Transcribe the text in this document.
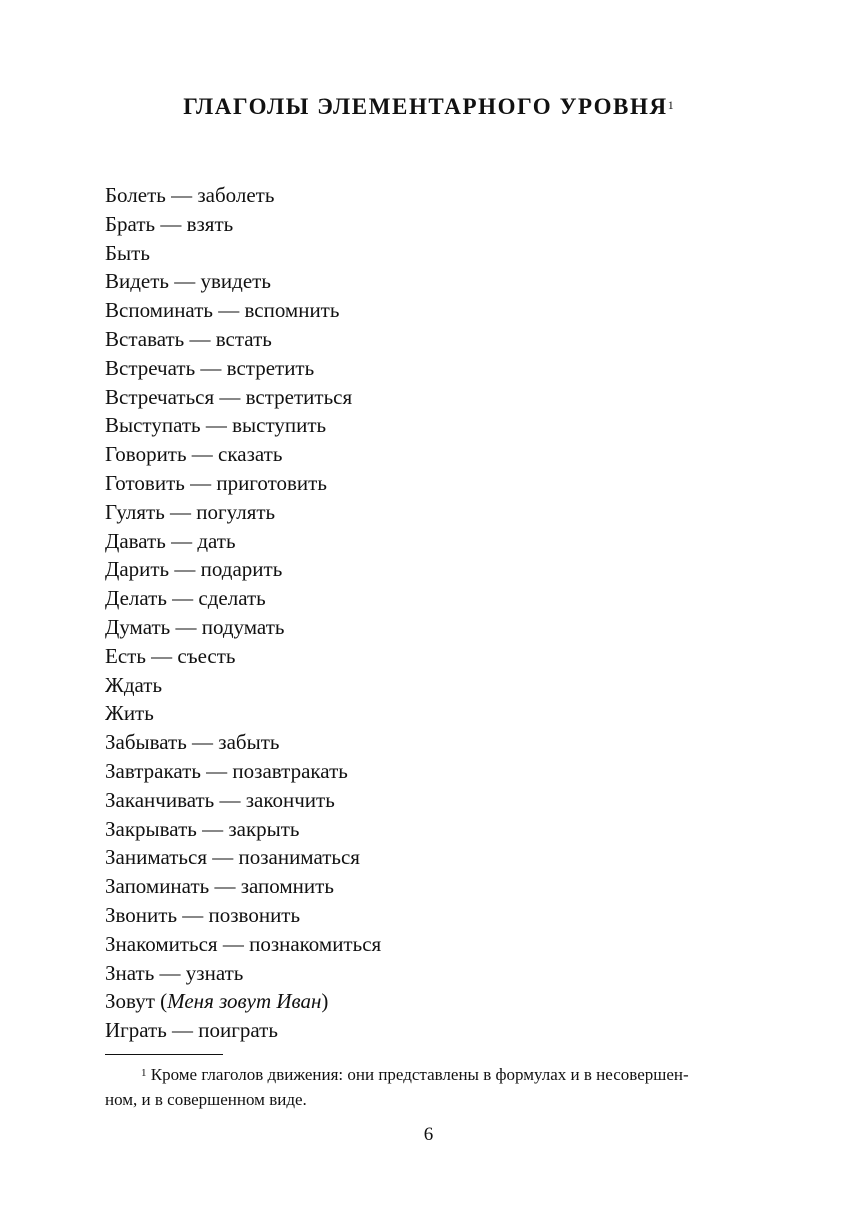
ГЛАГОЛЫ ЭЛЕМЕНТАРНОГО УРОВНЯ$^1$
Болеть — заболеть
Брать — взять
Быть
Видеть — увидеть
Вспоминать — вспомнить
Вставать — встать
Встречать — встретить
Встречаться — встретиться
Выступать — выступить
Говорить — сказать
Готовить — приготовить
Гулять — погулять
Давать — дать
Дарить — подарить
Делать — сделать
Думать — подумать
Есть — съесть
Ждать
Жить
Забывать — забыть
Завтракать — позавтракать
Заканчивать — закончить
Закрывать — закрыть
Заниматься — позаниматься
Запоминать — запомнить
Звонить — позвонить
Знакомиться — познакомиться
Знать — узнать
Зовут (Меня зовут Иван)
Играть — поиграть
$^1$ Кроме глаголов движения: они представлены в формулах и в несовершен-
ном, и в совершенном виде.
6
